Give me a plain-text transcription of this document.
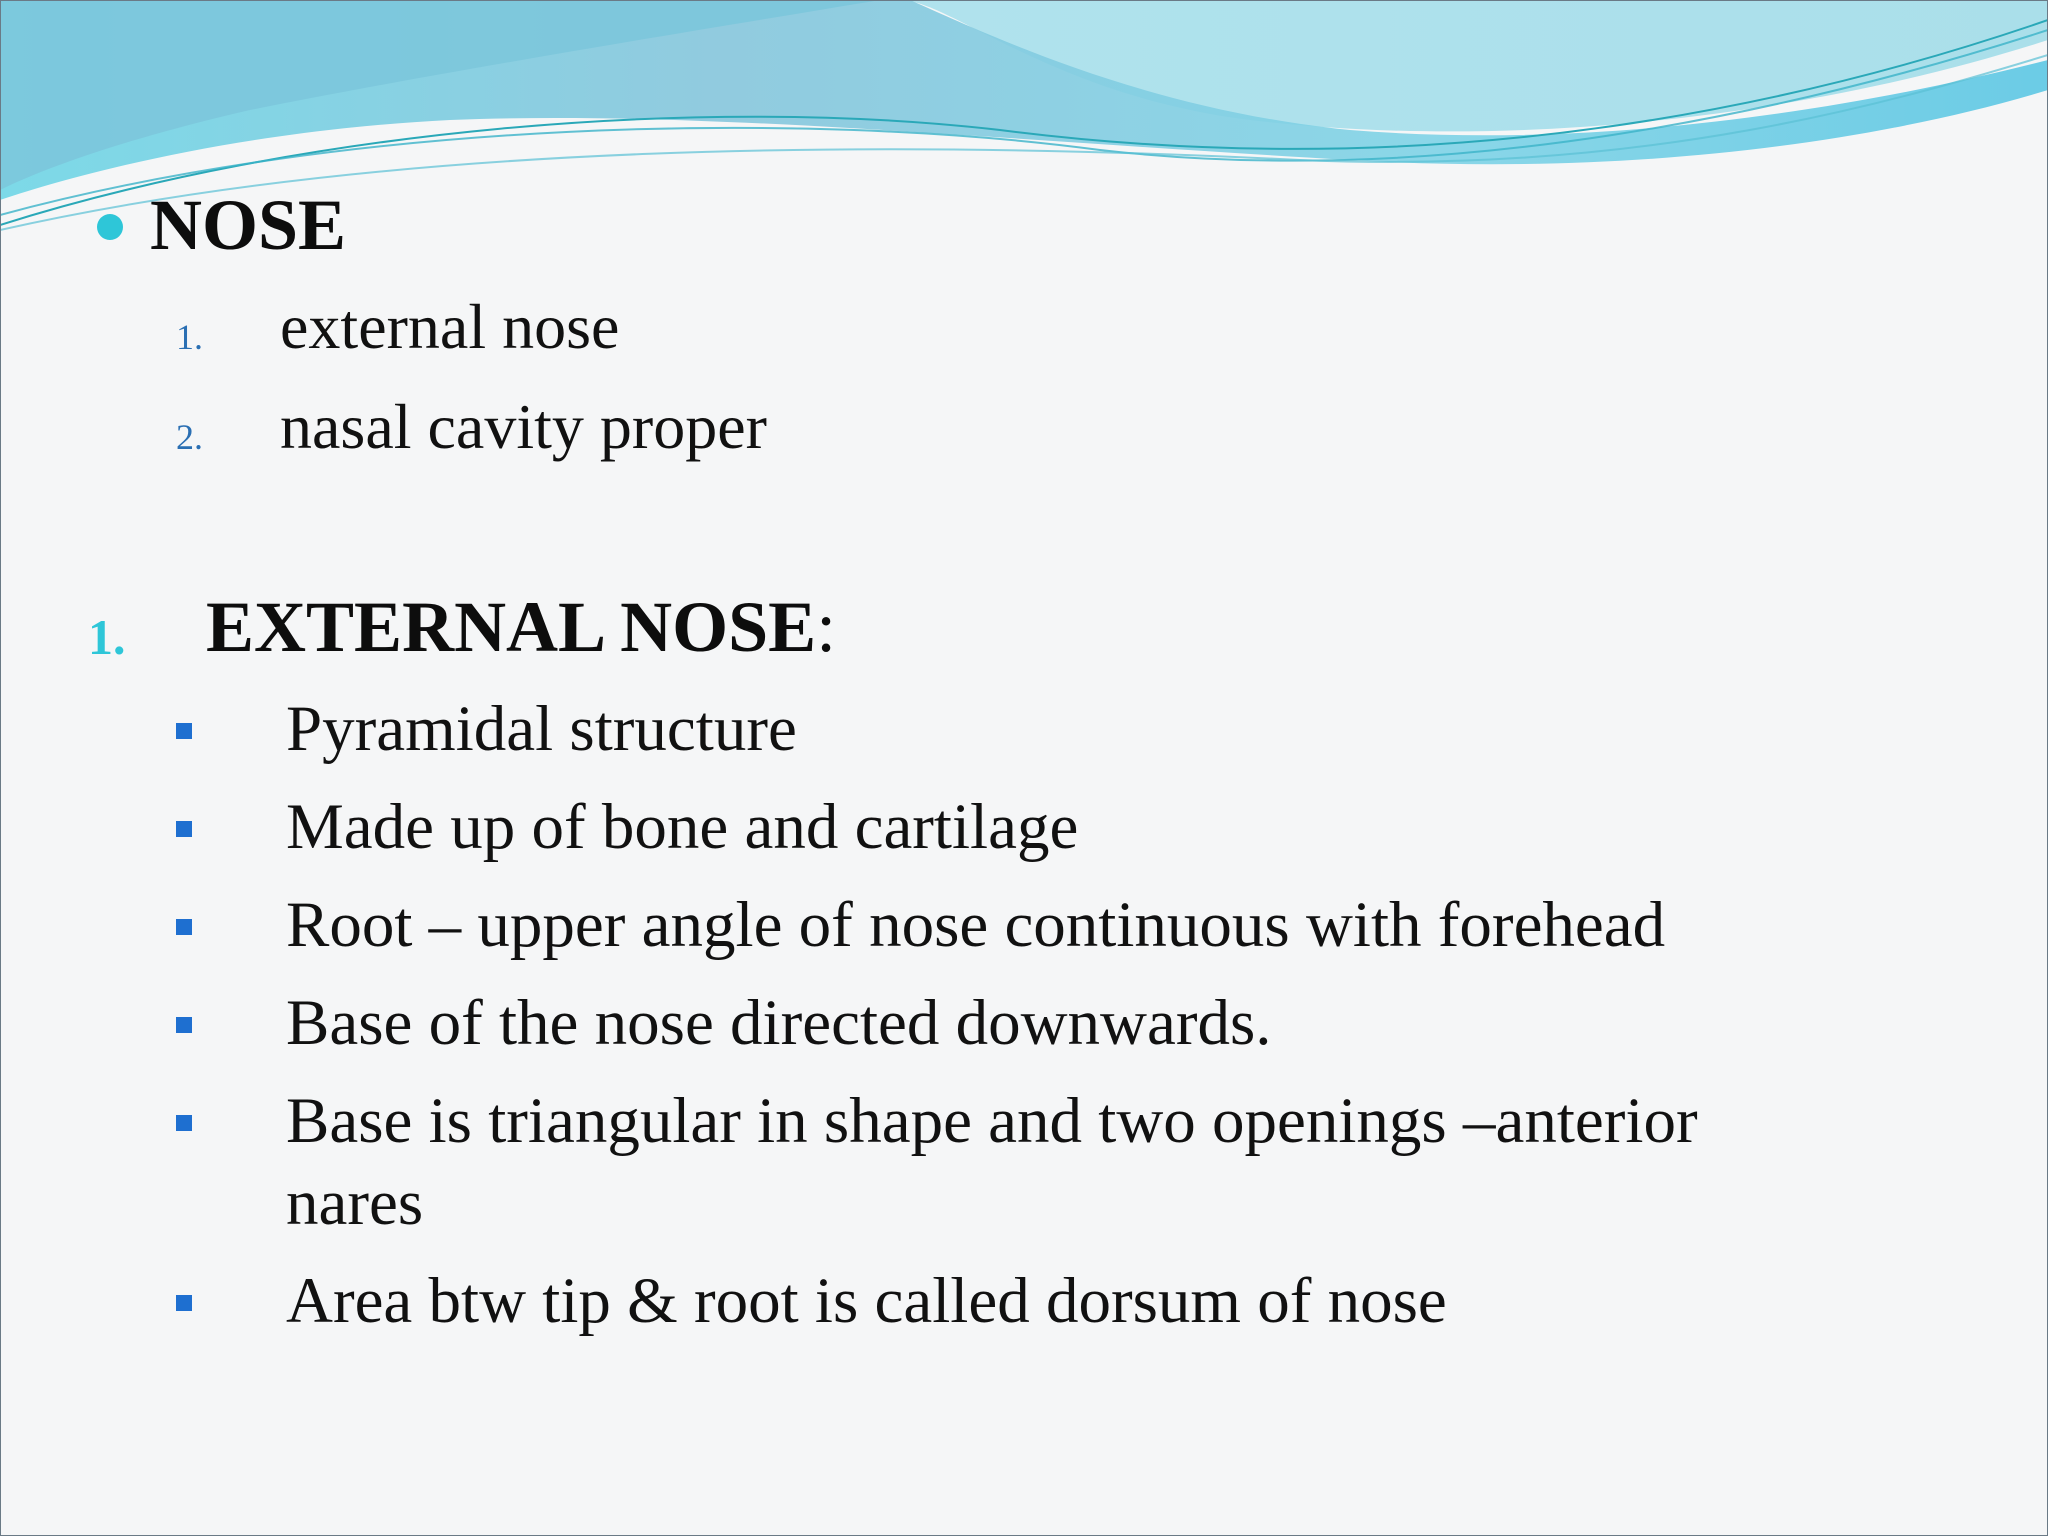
NOSE
1. external nose
2. nasal cavity proper
1. EXTERNAL NOSE:
Pyramidal structure
Made up of bone and cartilage
Root – upper angle of nose continuous with forehead
Base of the nose directed downwards.
Base is triangular in shape and two openings –anterior
nares
Area btw tip & root is called dorsum of nose
